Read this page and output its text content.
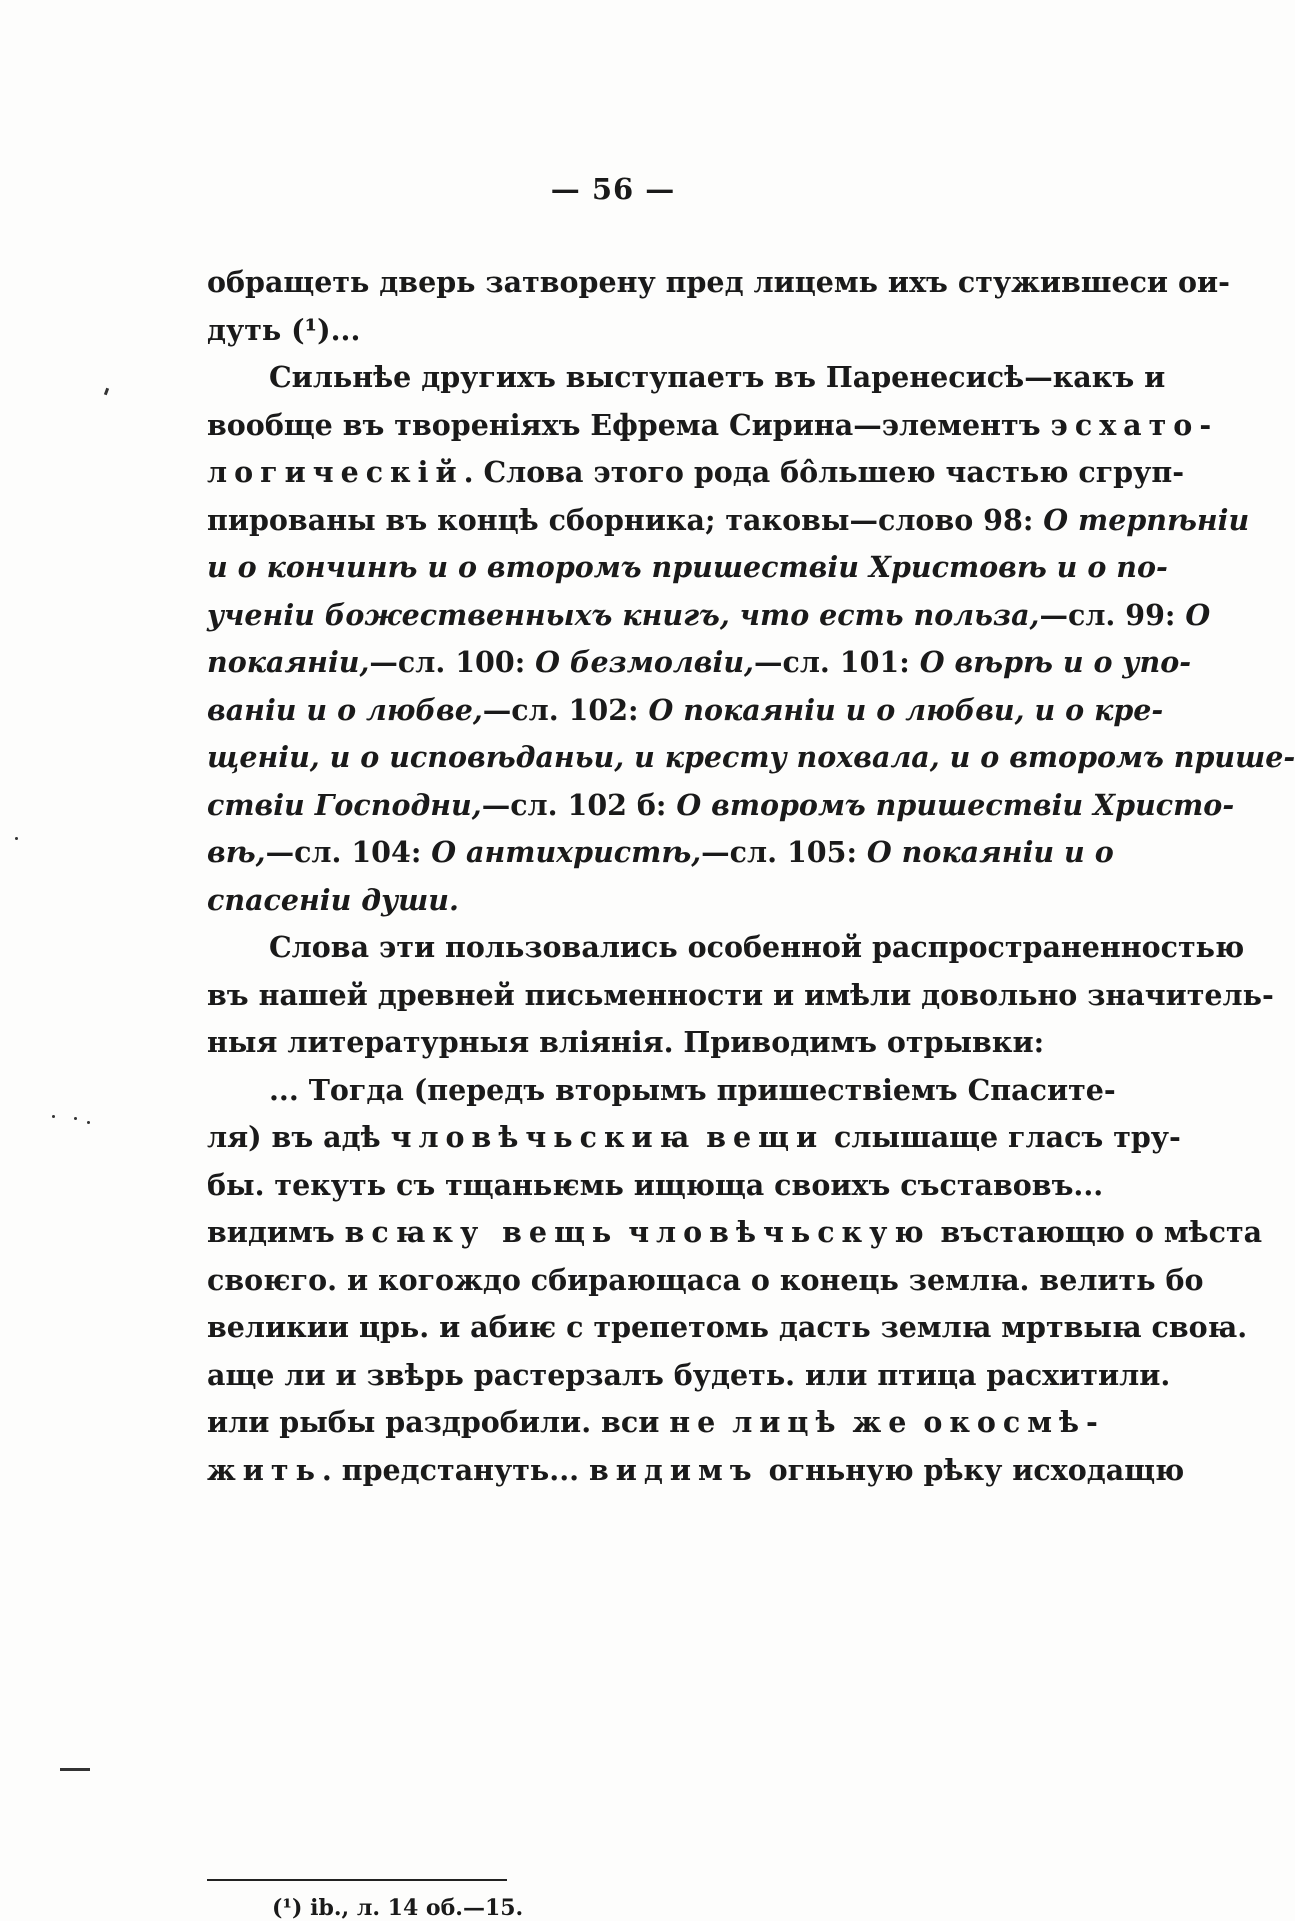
— 56 —
обращеть дверь затворену пред лицемь ихъ стужившеси ои-
дуть (¹)...
Сильнѣе другихъ выступаетъ въ Паренесисѣ—какъ и
вообще въ твореніяхъ Ефрема Сирина—элементъ эсхато-
логическій. Слова этого рода бо̂льшею частью сгруп-
пированы въ концѣ сборника; таковы—слово 98: О терпѣніи
и о кончинѣ и о второмъ пришествіи Христовѣ и о по-
ученіи божественныхъ книгъ, что есть польза,—сл. 99: О
покаяніи,—сл. 100: О безмолвіи,—сл. 101: О вѣрѣ и о упо-
ваніи и о любве,—сл. 102: О покаяніи и о любви, и о кре-
щеніи, и о исповѣданьи, и кресту похвала, и о второмъ прише-
ствіи Господни,—сл. 102 б: О второмъ пришествіи Христо-
вѣ,—сл. 104: О антихристѣ,—сл. 105: О покаяніи и о
спасеніи души.
Слова эти пользовались особенной распространенностью
въ нашей древней письменности и имѣли довольно значитель-
ныя литературныя вліянія. Приводимъ отрывки:
... Тогда (передъ вторымъ пришествіемъ Спасите-
ля) въ адѣ чловѣчьскиꙗ вещи слышаще гласъ тру-
бы. текуть съ тщаньѥмь ищюща своихъ съставовъ...
видимъ всꙗку вещь чловѣчьскую въстающю о мѣста
своѥго. и когождо сбирающаса о конець землꙗ. велить бо
великии црь. и абиѥ с трепетомь дасть землꙗ мртвыꙗ своꙗ.
аще ли и звѣрь растерзалъ будеть. или птица расхитили.
или рыбы раздробили. вси не лицѣ же окосмѣ-
жить. предстануть... видимъ огньную рѣку исходащю
(¹) ib., л. 14 об.—15.
